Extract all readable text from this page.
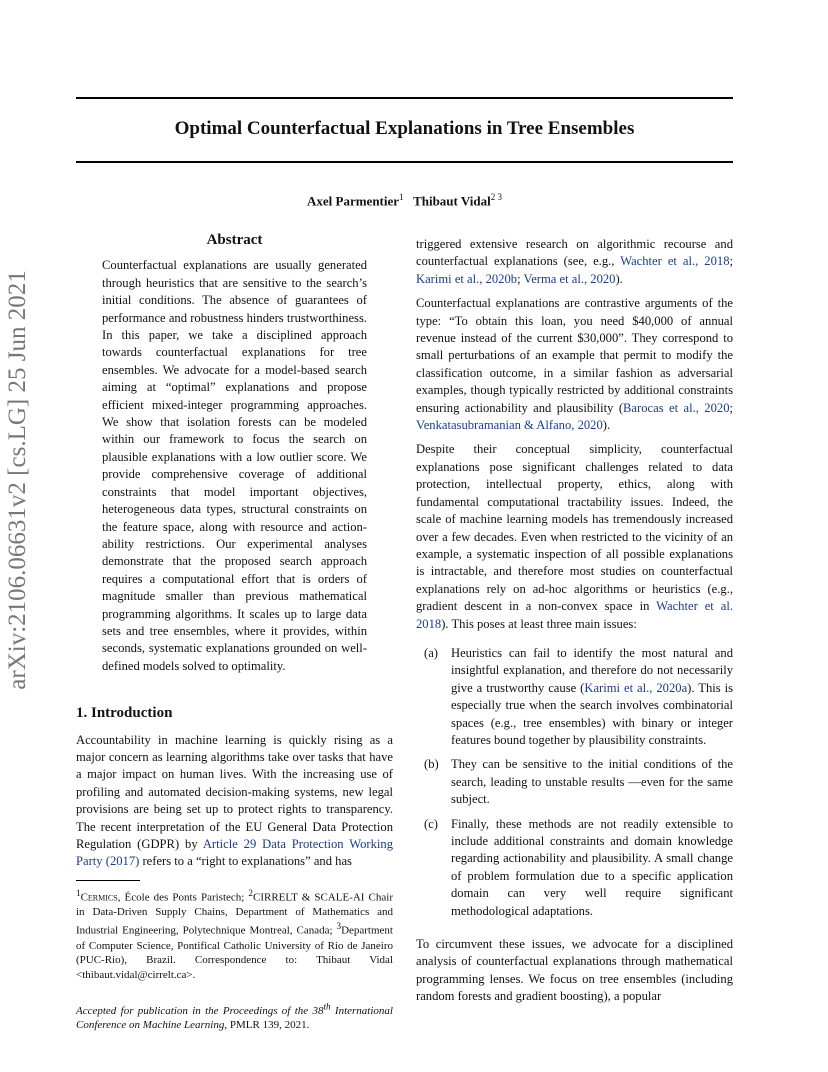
arXiv:2106.06631v2 [cs.LG] 25 Jun 2021
Optimal Counterfactual Explanations in Tree Ensembles
Axel Parmentier$^1$ Thibaut Vidal$^{2 3}$
Abstract

Counterfactual explanations are usually generated through heuristics that are sensitive to the search’s initial conditions. The absence of guarantees of performance and robustness hinders trustworthiness. In this paper, we take a disciplined approach towards counterfactual explanations for tree ensembles. We advocate for a model-based search aiming at “optimal” explanations and propose efficient mixed-integer programming approaches. We show that isolation forests can be modeled within our framework to focus the search on plausible explanations with a low outlier score. We provide comprehensive coverage of additional constraints that model important objectives, heterogeneous data types, structural constraints on the feature space, along with resource and action-ability restrictions. Our experimental analyses demonstrate that the proposed search approach requires a computational effort that is orders of magnitude smaller than previous mathematical programming algorithms. It scales up to large data sets and tree ensembles, where it provides, within seconds, systematic explanations grounded on well-defined models solved to optimality.

1. Introduction

Accountability in machine learning is quickly rising as a major concern as learning algorithms take over tasks that have a major impact on human lives. With the increasing use of profiling and automated decision-making systems, new legal provisions are being set up to protect rights to transparency. The recent interpretation of the EU General Data Protection Regulation (GDPR) by Article 29 Data Protection Working Party (2017) refers to a “right to explanations” and has

$^1$Cermics, École des Ponts Paristech; $^2$CIRRELT & SCALE-AI Chair in Data-Driven Supply Chains, Department of Mathematics and Industrial Engineering, Polytechnique Montreal, Canada; $^3$Department of Computer Science, Pontifical Catholic University of Rio de Janeiro (PUC-Rio), Brazil. Correspondence to: Thibaut Vidal <thibaut.vidal@cirrelt.ca>.

Accepted for publication in the Proceedings of the 38th International Conference on Machine Learning, PMLR 139, 2021.

triggered extensive research on algorithmic recourse and counterfactual explanations (see, e.g., Wachter et al., 2018; Karimi et al., 2020b; Verma et al., 2020).

Counterfactual explanations are contrastive arguments of the type: “To obtain this loan, you need $40,000 of annual revenue instead of the current $30,000”. They correspond to small perturbations of an example that permit to modify the classification outcome, in a similar fashion as adversarial examples, though typically restricted by additional constraints ensuring actionability and plausibility (Barocas et al., 2020; Venkatasubramanian & Alfano, 2020).

Despite their conceptual simplicity, counterfactual explanations pose significant challenges related to data protection, intellectual property, ethics, along with fundamental computational tractability issues. Indeed, the scale of machine learning models has tremendously increased over a few decades. Even when restricted to the vicinity of an example, a systematic inspection of all possible explanations is intractable, and therefore most studies on counterfactual explanations rely on ad-hoc algorithms or heuristics (e.g., gradient descent in a non-convex space in Wachter et al. 2018). This poses at least three main issues:

(a)	Heuristics can fail to identify the most natural and insightful explanation, and therefore do not necessarily give a trustworthy cause (Karimi et al., 2020a). This is especially true when the search involves combinatorial spaces (e.g., tree ensembles) with binary or integer features bound together by plausibility constraints.
(b) They can be sensitive to the initial conditions of the search, leading to unstable results —even for the same subject.
(c)	Finally, these methods are not readily extensible to include additional constraints and domain knowledge regarding actionability and plausibility. A small change of problem formulation due to a specific application domain can very well require significant methodological adaptations.

To circumvent these issues, we advocate for a disciplined analysis of counterfactual explanations through mathematical programming lenses. We focus on tree ensembles (including random forests and gradient boosting), a popular
